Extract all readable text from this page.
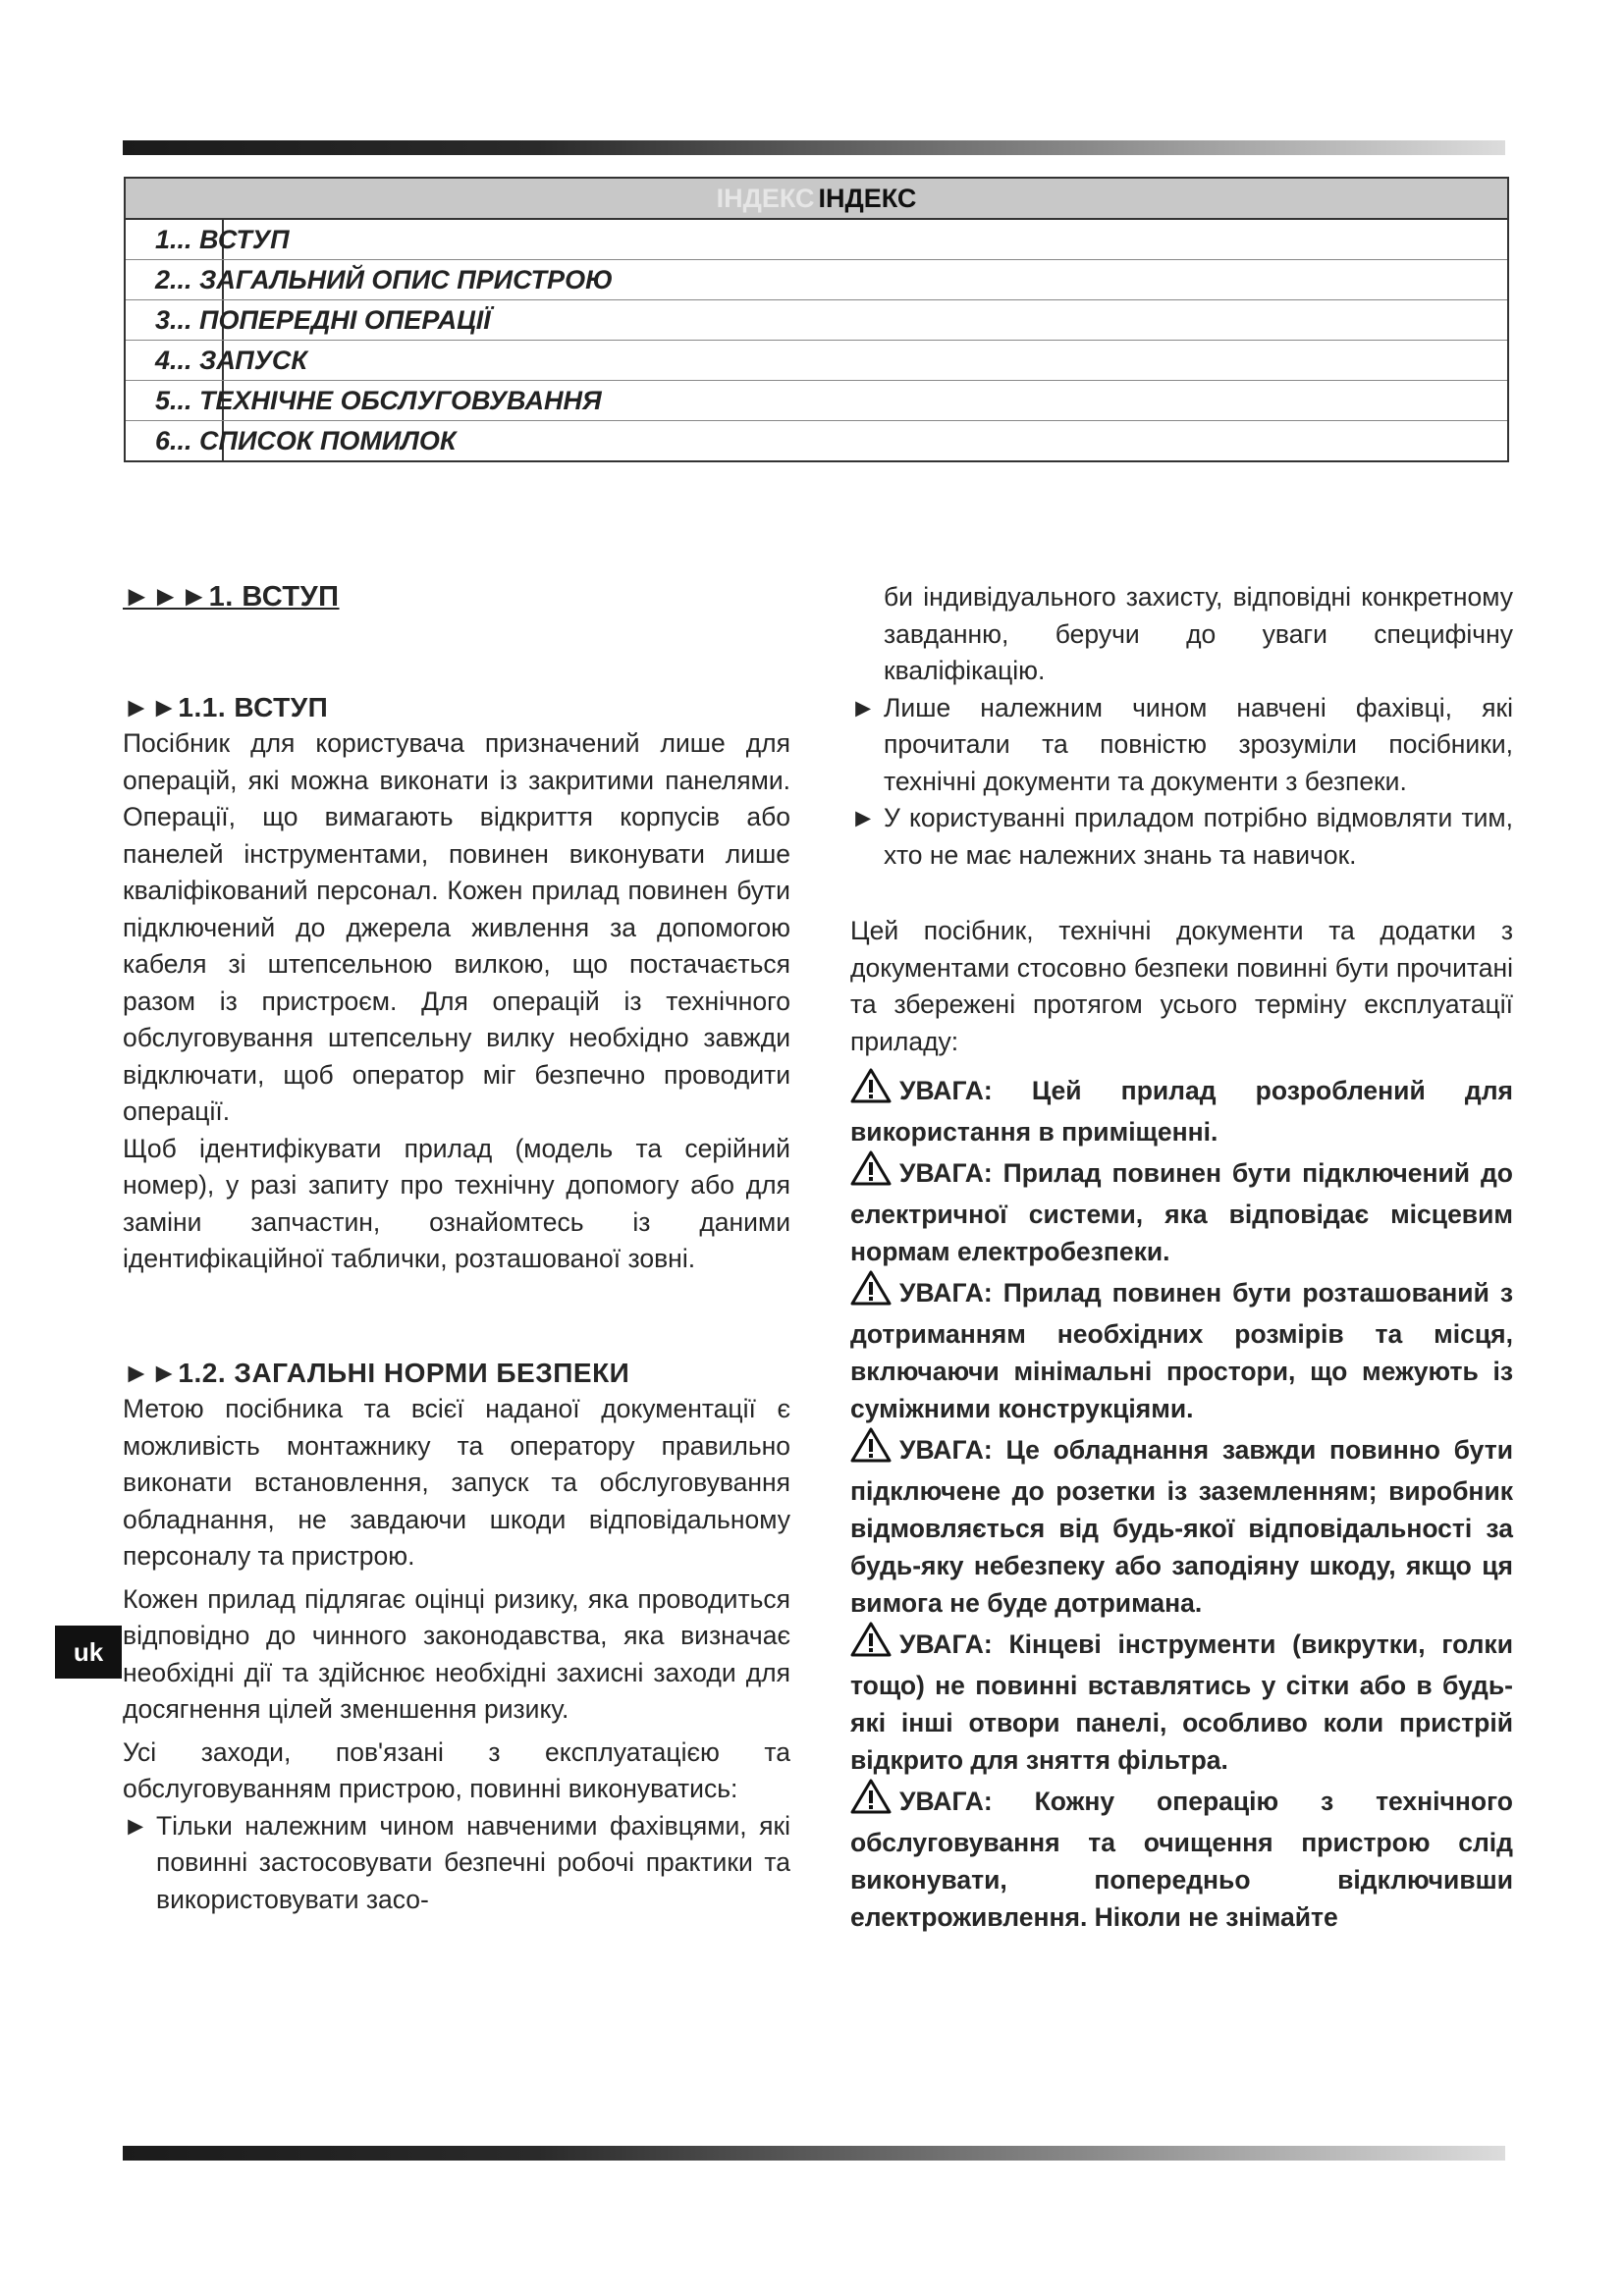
ІНДЕКС ІНДЕКС
1... ВСТУП
2... ЗАГАЛЬНИЙ ОПИС ПРИСТРОЮ
3... ПОПЕРЕДНІ ОПЕРАЦІЇ
4... ЗАПУСК
5... ТЕХНІЧНЕ ОБСЛУГОВУВАННЯ
6... СПИСОК ПОМИЛОК
►►►1. ВСТУП
►►1.1. ВСТУП

Посібник для користувача призначений лише для операцій, які можна виконати із закритими панелями. Операції, що вимагають відкриття корпусів або панелей інструментами, повинен виконувати лише кваліфікований персонал. Кожен прилад повинен бути підключений до джерела живлення за допомогою кабеля зі штепсельною вилкою, що постачається разом із пристроєм. Для операцій із технічного обслуговування штепсельну вилку необхідно завжди відключати, щоб оператор міг безпечно проводити операції.

Щоб ідентифікувати прилад (модель та серійний номер), у разі запиту про технічну допомогу або для заміни запчастин, ознайомтесь із даними ідентифікаційної таблички, розташованої зовні.

►►1.2. ЗАГАЛЬНІ НОРМИ БЕЗПЕКИ

Метою посібника та всієї наданої документації є можливість монтажнику та оператору правильно виконати встановлення, запуск та обслуговування обладнання, не завдаючи шкоди відповідальному персоналу та пристрою.

Кожен прилад підлягає оцінці ризику, яка проводиться відповідно до чинного законодавства, яка визначає необхідні дії та здійснює необхідні захисні заходи для досягнення цілей зменшення ризику.

Усі заходи, пов'язані з експлуатацією та обслуговуванням пристрою, повинні виконуватись:

► Тільки належним чином навченими фахівцями, які повинні застосовувати безпечні робочі практики та використовувати засо-

би індивідуального захисту, відповідні конкретному завданню, беручи до уваги специфічну кваліфікацію.

► Лише належним чином навчені фахівці, які прочитали та повністю зрозуміли посібники, технічні документи та документи з безпеки.

► У користуванні приладом потрібно відмовляти тим, хто не має належних знань та навичок.

Цей посібник, технічні документи та додатки з документами стосовно безпеки повинні бути прочитані та збережені протягом усього терміну експлуатації приладу:

УВАГА: Цей прилад розроблений для використання в приміщенні.

УВАГА: Прилад повинен бути підключений до електричної системи, яка відповідає місцевим нормам електробезпеки.

УВАГА: Прилад повинен бути розташований з дотриманням необхідних розмірів та місця, включаючи мінімальні простори, що межують із суміжними конструкціями.

УВАГА: Це обладнання завжди повинно бути підключене до розетки із заземленням; виробник відмовляється від будь-якої відповідальності за будь-яку небезпеку або заподіяну шкоду, якщо ця вимога не буде дотримана.

УВАГА: Кінцеві інструменти (викрутки, голки тощо) не повинні вставлятись у сітки або в будь-які інші отвори панелі, особливо коли пристрій відкрито для зняття фільтра.

УВАГА: Кожну операцію з технічного обслуговування та очищення пристрою слід виконувати, попередньо відключивши електроживлення. Ніколи не знімайте

uk
